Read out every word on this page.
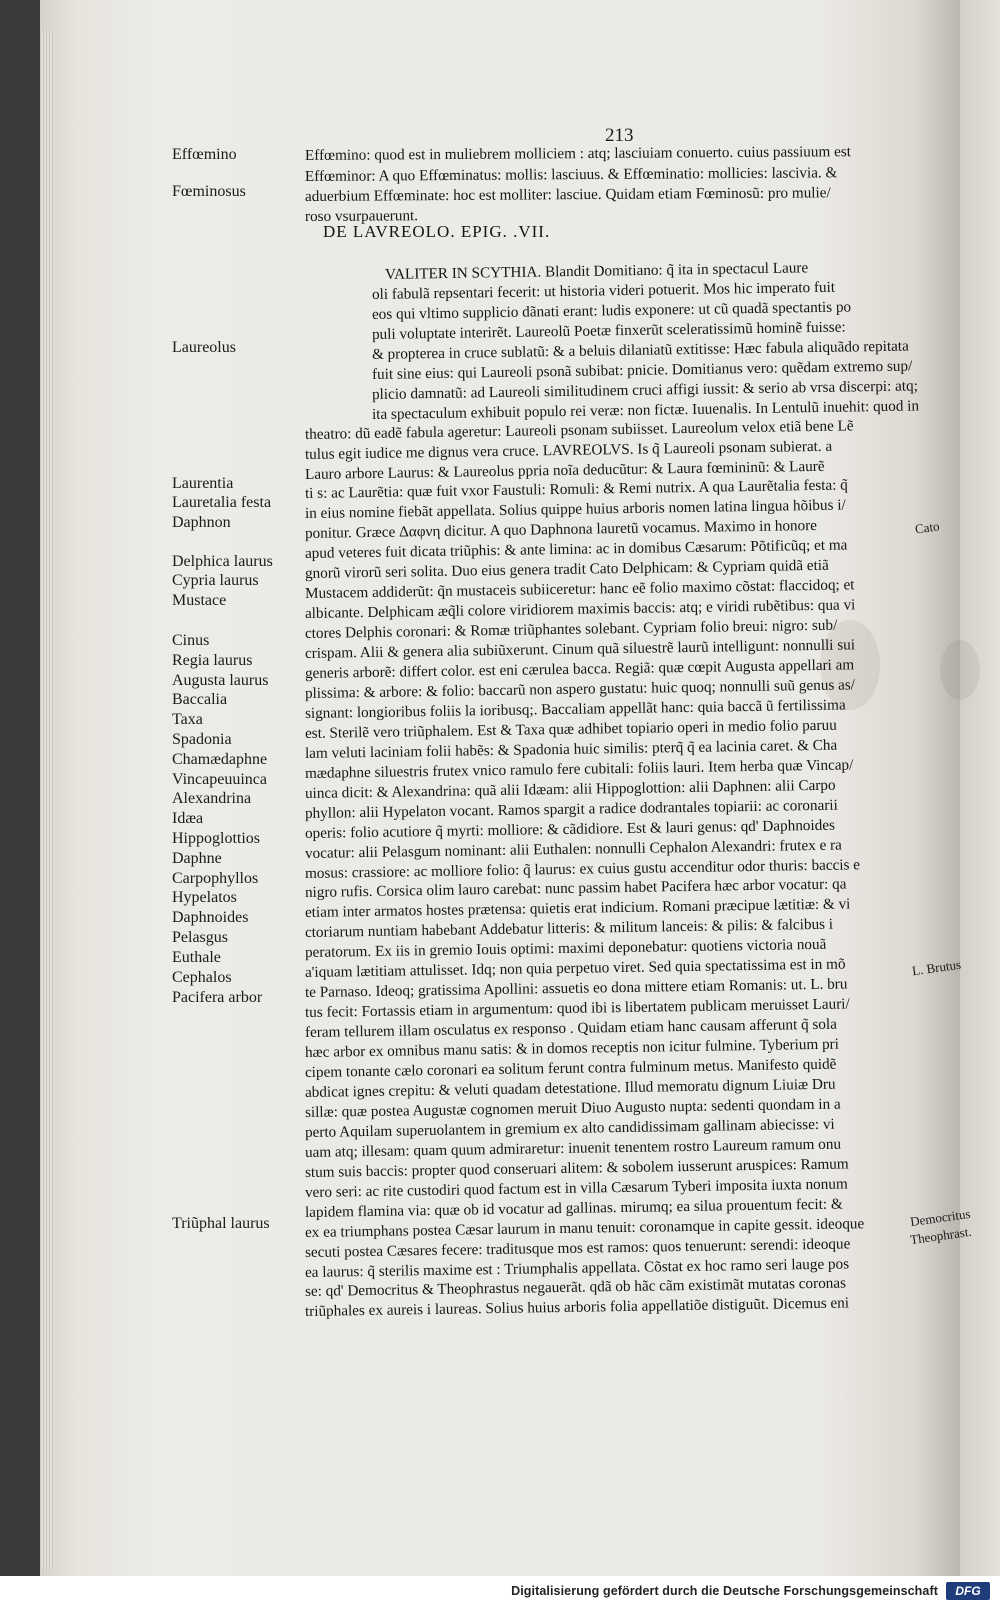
213
DE LAVREOLO. EPIG. .VII.
Effœmino
Fœminosus
Laureolus
Laurentia
Lauretalia festa
Daphnon
Delphica laurus
Cypria laurus
Mustace
Cinus
Regia laurus
Augusta laurus
Baccalia
Taxa
Spadonia
Chamædaphne
Vincapeuuinca
Alexandrina
Idæa
Hippoglottios
Daphne
Carpophyllos
Hypelatos
Daphnoides
Pelasgus
Euthale
Cephalos
Pacifera arbor
Triũphal laurus
Effœmino: quod est in muliebrem molliciem : atq; lasciuiam conuerto. cuius passiuum est
Effœminor: A quo Effœminatus: mollis: lasciuus. & Effœminatio: mollicies: lascivia. &
aduerbium Effœminate: hoc est molliter: lasciue. Quidam etiam Fœminosũ: pro mulie/
roso vsurpauerunt.
VALITER IN SCYTHIA. Blandit Domitiano: q̃ ita in spectacul Laure
oli fabulã repsentari fecerit: ut historia videri potuerit. Mos hic imperato fuit
eos qui vltimo supplicio dãnati erant: ludis exponere: ut cũ quadã spectantis po
puli voluptate interirẽt. Laureolũ Poetæ finxerũt sceleratissimũ hominẽ fuisse:
& propterea in cruce sublatũ: & a beluis dilaniatũ extitisse: Hæc fabula aliquãdo repitata
fuit sine eius: qui Laureoli psonã subibat: pnicie. Domitianus vero: quẽdam extremo sup/
plicio damnatũ: ad Laureoli similitudinem cruci affigi iussit: & serio ab vrsa discerpi: atq;
ita spectaculum exhibuit populo rei veræ: non fictæ. Iuuenalis. In Lentulũ inuehit: quod in
theatro: dũ eadẽ fabula ageretur: Laureoli psonam subiisset. Laureolum velox etiã bene Lẽ
tulus egit iudice me dignus vera cruce. LAVREOLVS. Is q̃ Laureoli psonam subierat. a
Lauro arbore Laurus: & Laureolus ppria noĩa deducũtur: & Laura fœmininũ: & Laurẽ
ti s: ac Laurẽtia: quæ fuit vxor Faustuli: Romuli: & Remi nutrix. A qua Laurẽtalia festa: q̃
in eius nomine fiebãt appellata. Solius quippe huius arboris nomen latina lingua hõibus i/
ponitur. Græce Δαφνη dicitur. A quo Daphnona lauretũ vocamus. Maximo in honore
apud veteres fuit dicata triũphis: & ante limina: ac in domibus Cæsarum: Põtificũq; et ma
gnorũ virorũ seri solita. Duo eius genera tradit Cato Delphicam: & Cypriam quidã etiã
Mustacem addiderũt: q̃n mustaceis subiiceretur: hanc eẽ folio maximo cõstat: flaccidoq; et
albicante. Delphicam æq̃li colore viridiorem maximis baccis: atq; e viridi rubẽtibus: qua vi
ctores Delphis coronari: & Romæ triũphantes solebant. Cypriam folio breui: nigro: sub/
crispam. Alii & genera alia subiũxerunt. Cinum quã siluestrẽ laurũ intelligunt: nonnulli sui
generis arborẽ: differt color. est eni cærulea bacca. Regiã: quæ cœpit Augusta appellari am
plissima: & arbore: & folio: baccarũ non aspero gustatu: huic quoq; nonnulli suũ genus as/
signant: longioribus foliis la ioribusq;. Baccaliam appellãt hanc: quia baccã ũ fertilissima
est. Sterilẽ vero triũphalem. Est & Taxa quæ adhibet topiario operi in medio folio paruu
lam veluti laciniam folii habẽs: & Spadonia huic similis: pterq̃ q̃ ea lacinia caret. & Cha
mædaphne siluestris frutex vnico ramulo fere cubitali: foliis lauri. Item herba quæ Vincap/
uinca dicit: & Alexandrina: quã alii Idæam: alii Hippoglottion: alii Daphnen: alii Carpo
phyllon: alii Hypelaton vocant. Ramos spargit a radice dodrantales topiarii: ac coronarii
operis: folio acutiore q̃ myrti: molliore: & cãdidiore. Est & lauri genus: qd' Daphnoides
vocatur: alii Pelasgum nominant: alii Euthalen: nonnulli Cephalon Alexandri: frutex e ra
mosus: crassiore: ac molliore folio: q̃ laurus: ex cuius gustu accenditur odor thuris: baccis e
nigro rufis. Corsica olim lauro carebat: nunc passim habet Pacifera hæc arbor vocatur: qa
etiam inter armatos hostes prætensa: quietis erat indicium. Romani præcipue lætitiæ: & vi
ctoriarum nuntiam habebant Addebatur litteris: & militum lanceis: & pilis: & falcibus i
peratorum. Ex iis in gremio Iouis optimi: maximi deponebatur: quotiens victoria nouã
a'iquam lætitiam attulisset. Idq; non quia perpetuo viret. Sed quia spectatissima est in mõ
te Parnaso. Ideoq; gratissima Apollini: assuetis eo dona mittere etiam Romanis: ut. L. bru
tus fecit: Fortassis etiam in argumentum: quod ibi is libertatem publicam meruisset Lauri/
feram tellurem illam osculatus ex responso . Quidam etiam hanc causam afferunt q̃ sola
hæc arbor ex omnibus manu satis: & in domos receptis non icitur fulmine. Tyberium pri
cipem tonante cælo coronari ea solitum ferunt contra fulminum metus. Manifesto quidẽ
abdicat ignes crepitu: & veluti quadam detestatione. Illud memoratu dignum Liuiæ Dru
sillæ: quæ postea Augustæ cognomen meruit Diuo Augusto nupta: sedenti quondam in a
perto Aquilam superuolantem in gremium ex alto candidissimam gallinam abiecisse: vi
uam atq; illesam: quam quum admiraretur: inuenit tenentem rostro Laureum ramum onu
stum suis baccis: propter quod conseruari alitem: & sobolem iusserunt aruspices: Ramum
vero seri: ac rite custodiri quod factum est in villa Cæsarum Tyberi imposita iuxta nonum
lapidem flamina via: quæ ob id vocatur ad gallinas. mirumq; ea silua prouentum fecit: &
ex ea triumphans postea Cæsar laurum in manu tenuit: coronamque in capite gessit. ideoque
secuti postea Cæsares fecere: traditusque mos est ramos: quos tenuerunt: serendi: ideoque
ea laurus: q̃ sterilis maxime est : Triumphalis appellata. Cõstat ex hoc ramo seri lauge pos
se: qd' Democritus & Theophrastus negauerãt. qdã ob hãc cãm existimãt mutatas coronas
triũphales ex aureis i laureas. Solius huius arboris folia appellatiõe distiguũt. Dicemus eni
Cato
L. Brutus
Democritus
Theophrast.
Digitalisierung gefördert durch die Deutsche Forschungsgemeinschaft	DFG
